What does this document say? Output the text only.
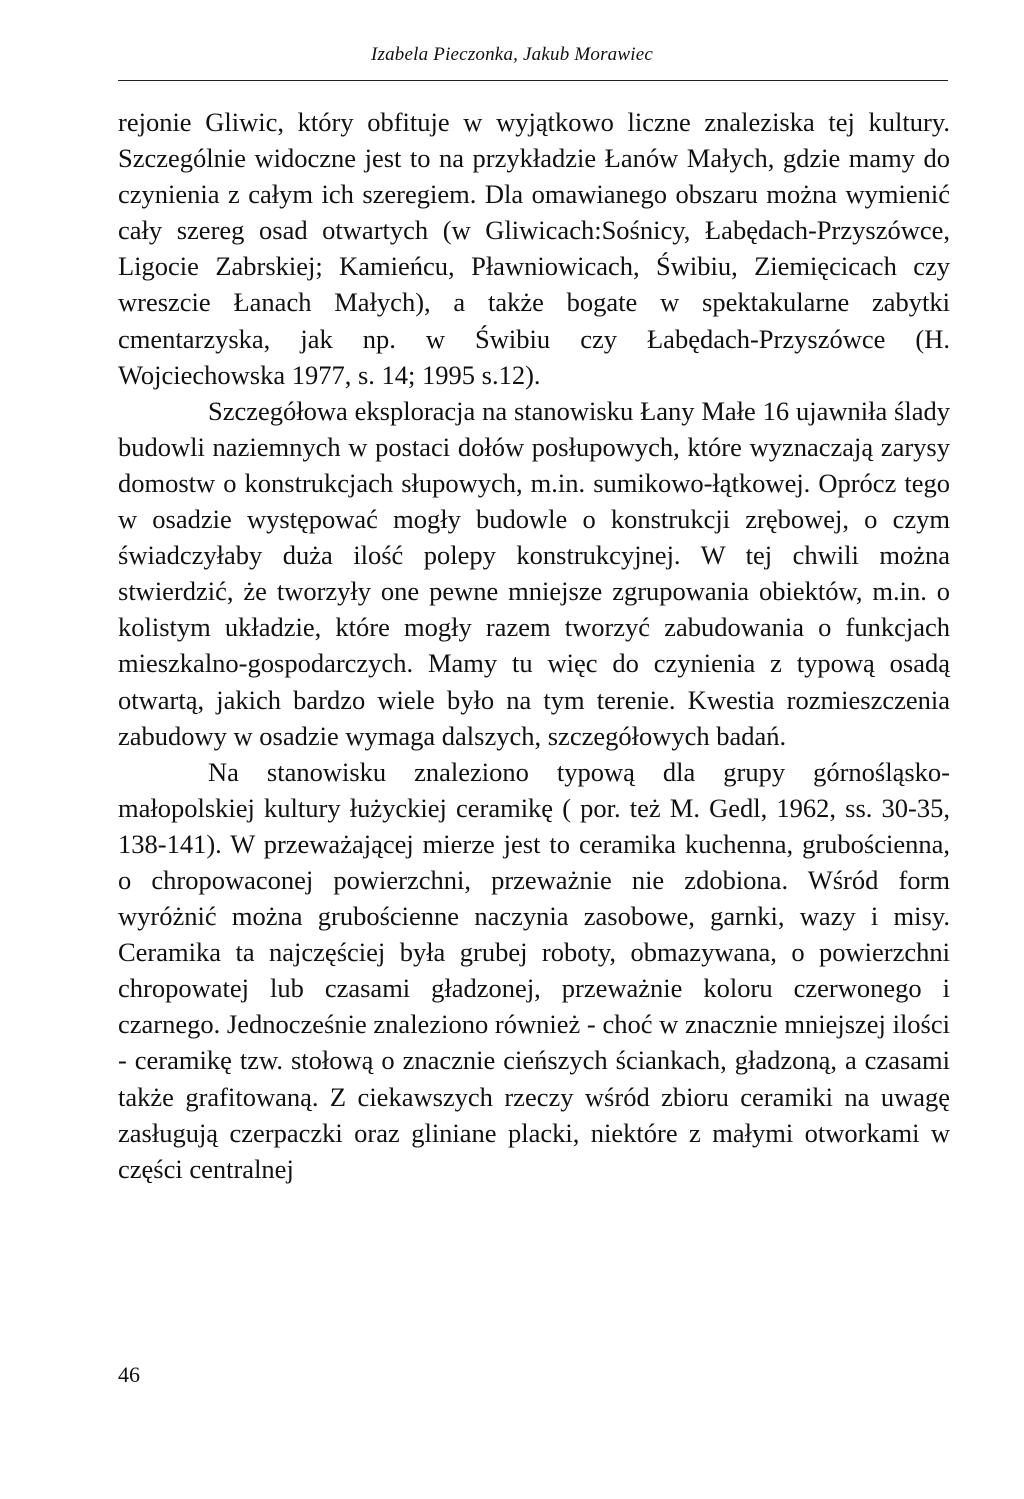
Izabela Pieczonka, Jakub Morawiec

rejonie Gliwic, który obfituje w wyjątkowo liczne znaleziska tej kultury. Szczególnie widoczne jest to na przykładzie Łanów Małych, gdzie mamy do czynienia z całym ich szeregiem. Dla omawianego obszaru można wymienić cały szereg osad otwartych (w Gliwicach:Sośnicy, Łabędach-Przyszówce, Ligocie Zabrskiej; Kamieńcu, Pławniowicach, Świbiu, Ziemięcicach czy wreszcie Łanach Małych), a także bogate w spektakularne zabytki cmentarzyska, jak np. w Świbiu czy Łabędach-Przyszówce (H. Wojciechowska 1977, s. 14; 1995 s.12).

Szczegółowa eksploracja na stanowisku Łany Małe 16 ujawniła ślady budowli naziemnych w postaci dołów posłupowych, które wyznaczają zarysy domostw o konstrukcjach słupowych, m.in. sumikowo-łątkowej. Oprócz tego w osadzie występować mogły budowle o konstrukcji zrębowej, o czym świadczyłaby duża ilość polepy konstrukcyjnej. W tej chwili można stwierdzić, że tworzyły one pewne mniejsze zgrupowania obiektów, m.in. o kolistym układzie, które mogły razem tworzyć zabudowania o funkcjach mieszkalno-gospodarczych. Mamy tu więc do czynienia z typową osadą otwartą, jakich bardzo wiele było na tym terenie. Kwestia rozmieszczenia zabudowy w osadzie wymaga dalszych, szczegółowych badań.

Na stanowisku znaleziono typową dla grupy górnośląsko-małopolskiej kultury łużyckiej ceramikę ( por. też M. Gedl, 1962, ss. 30-35, 138-141). W przeważającej mierze jest to ceramika kuchenna, grubościenna, o chropowaconej powierzchni, przeważnie nie zdobiona. Wśród form wyróżnić można grubościenne naczynia zasobowe, garnki, wazy i misy. Ceramika ta najczęściej była grubej roboty, obmazywana, o powierzchni chropowatej lub czasami gładzonej, przeważnie koloru czerwonego i czarnego. Jednocześnie znaleziono również - choć w znacznie mniejszej ilości - ceramikę tzw. stołową o znacznie cieńszych ściankach, gładzoną, a czasami także grafitowaną. Z ciekawszych rzeczy wśród zbioru ceramiki na uwagę zasługują czerpaczki oraz gliniane placki, niektóre z małymi otworkami w części centralnej

46
